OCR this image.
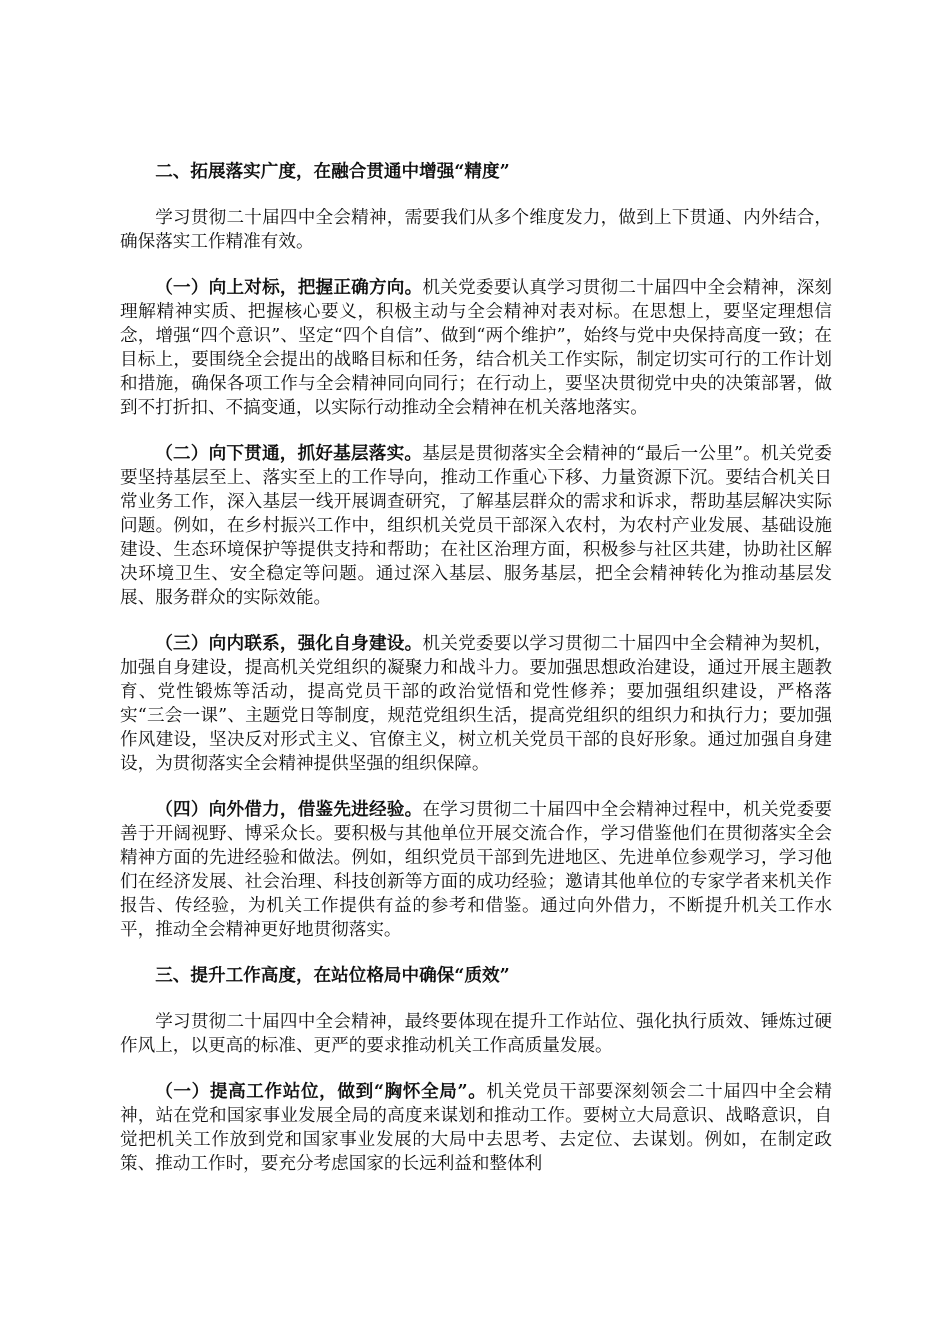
二、拓展落实广度，在融合贯通中增强“精度”

学习贯彻二十届四中全会精神，需要我们从多个维度发力，做到上下贯通、内外结合，确保落实工作精准有效。

（一）向上对标，把握正确方向。机关党委要认真学习贯彻二十届四中全会精神，深刻理解精神实质、把握核心要义，积极主动与全会精神对表对标。在思想上，要坚定理想信念，增强“四个意识”、坚定“四个自信”、做到“两个维护”，始终与党中央保持高度一致；在目标上，要围绕全会提出的战略目标和任务，结合机关工作实际，制定切实可行的工作计划和措施，确保各项工作与全会精神同向同行；在行动上，要坚决贯彻党中央的决策部署，做到不打折扣、不搞变通，以实际行动推动全会精神在机关落地落实。

（二）向下贯通，抓好基层落实。基层是贯彻落实全会精神的“最后一公里”。机关党委要坚持基层至上、落实至上的工作导向，推动工作重心下移、力量资源下沉。要结合机关日常业务工作，深入基层一线开展调查研究，了解基层群众的需求和诉求，帮助基层解决实际问题。例如，在乡村振兴工作中，组织机关党员干部深入农村，为农村产业发展、基础设施建设、生态环境保护等提供支持和帮助；在社区治理方面，积极参与社区共建，协助社区解决环境卫生、安全稳定等问题。通过深入基层、服务基层，把全会精神转化为推动基层发展、服务群众的实际效能。

（三）向内联系，强化自身建设。机关党委要以学习贯彻二十届四中全会精神为契机，加强自身建设，提高机关党组织的凝聚力和战斗力。要加强思想政治建设，通过开展主题教育、党性锻炼等活动，提高党员干部的政治觉悟和党性修养；要加强组织建设，严格落实“三会一课”、主题党日等制度，规范党组织生活，提高党组织的组织力和执行力；要加强作风建设，坚决反对形式主义、官僚主义，树立机关党员干部的良好形象。通过加强自身建设，为贯彻落实全会精神提供坚强的组织保障。

（四）向外借力，借鉴先进经验。在学习贯彻二十届四中全会精神过程中，机关党委要善于开阔视野、博采众长。要积极与其他单位开展交流合作，学习借鉴他们在贯彻落实全会精神方面的先进经验和做法。例如，组织党员干部到先进地区、先进单位参观学习，学习他们在经济发展、社会治理、科技创新等方面的成功经验；邀请其他单位的专家学者来机关作报告、传经验，为机关工作提供有益的参考和借鉴。通过向外借力，不断提升机关工作水平，推动全会精神更好地贯彻落实。

三、提升工作高度，在站位格局中确保“质效”

学习贯彻二十届四中全会精神，最终要体现在提升工作站位、强化执行质效、锤炼过硬作风上，以更高的标准、更严的要求推动机关工作高质量发展。

（一）提高工作站位，做到“胸怀全局”。机关党员干部要深刻领会二十届四中全会精神，站在党和国家事业发展全局的高度来谋划和推动工作。要树立大局意识、战略意识，自觉把机关工作放到党和国家事业发展的大局中去思考、去定位、去谋划。例如，在制定政策、推动工作时，要充分考虑国家的长远利益和整体利
